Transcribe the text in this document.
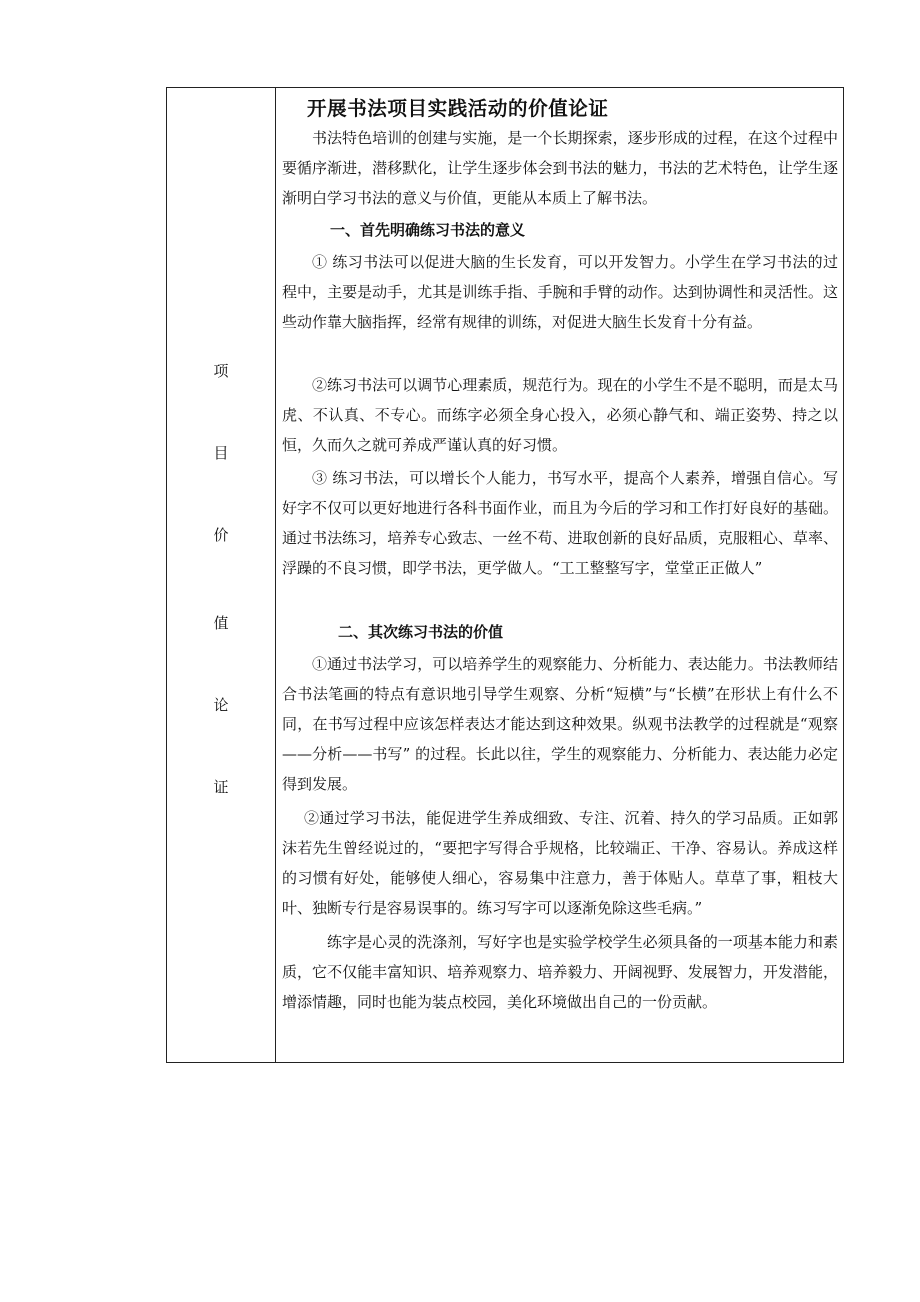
项
目
价
值
论
证
开展书法项目实践活动的价值论证

书法特色培训的创建与实施，是一个长期探索，逐步形成的过程，在这个过程中要循序渐进，潜移默化，让学生逐步体会到书法的魅力，书法的艺术特色，让学生逐渐明白学习书法的意义与价值，更能从本质上了解书法。

一、首先明确练习书法的意义

① 练习书法可以促进大脑的生长发育，可以开发智力。小学生在学习书法的过程中，主要是动手，尤其是训练手指、手腕和手臂的动作。达到协调性和灵活性。这些动作靠大脑指挥，经常有规律的训练，对促进大脑生长发育十分有益。

②练习书法可以调节心理素质，规范行为。现在的小学生不是不聪明，而是太马虎、不认真、不专心。而练字必须全身心投入，必须心静气和、端正姿势、持之以恒，久而久之就可养成严谨认真的好习惯。

③ 练习书法，可以增长个人能力，书写水平，提高个人素养，增强自信心。写好字不仅可以更好地进行各科书面作业，而且为今后的学习和工作打好良好的基础。通过书法练习，培养专心致志、一丝不苟、进取创新的良好品质，克服粗心、草率、浮躁的不良习惯，即学书法，更学做人。“工工整整写字，堂堂正正做人”

二、其次练习书法的价值

①通过书法学习，可以培养学生的观察能力、分析能力、表达能力。书法教师结合书法笔画的特点有意识地引导学生观察、分析“短横”与“长横”在形状上有什么不同，在书写过程中应该怎样表达才能达到这种效果。纵观书法教学的过程就是“观察——分析——书写” 的过程。长此以往，学生的观察能力、分析能力、表达能力必定得到发展。

②通过学习书法，能促进学生养成细致、专注、沉着、持久的学习品质。正如郭沫若先生曾经说过的，“要把字写得合乎规格，比较端正、干净、容易认。养成这样的习惯有好处，能够使人细心，容易集中注意力，善于体贴人。草草了事，粗枝大叶、独断专行是容易误事的。练习写字可以逐渐免除这些毛病。”

练字是心灵的洗涤剂，写好字也是实验学校学生必须具备的一项基本能力和素质，它不仅能丰富知识、培养观察力、培养毅力、开阔视野、发展智力，开发潜能，增添情趣，同时也能为装点校园，美化环境做出自己的一份贡献。
